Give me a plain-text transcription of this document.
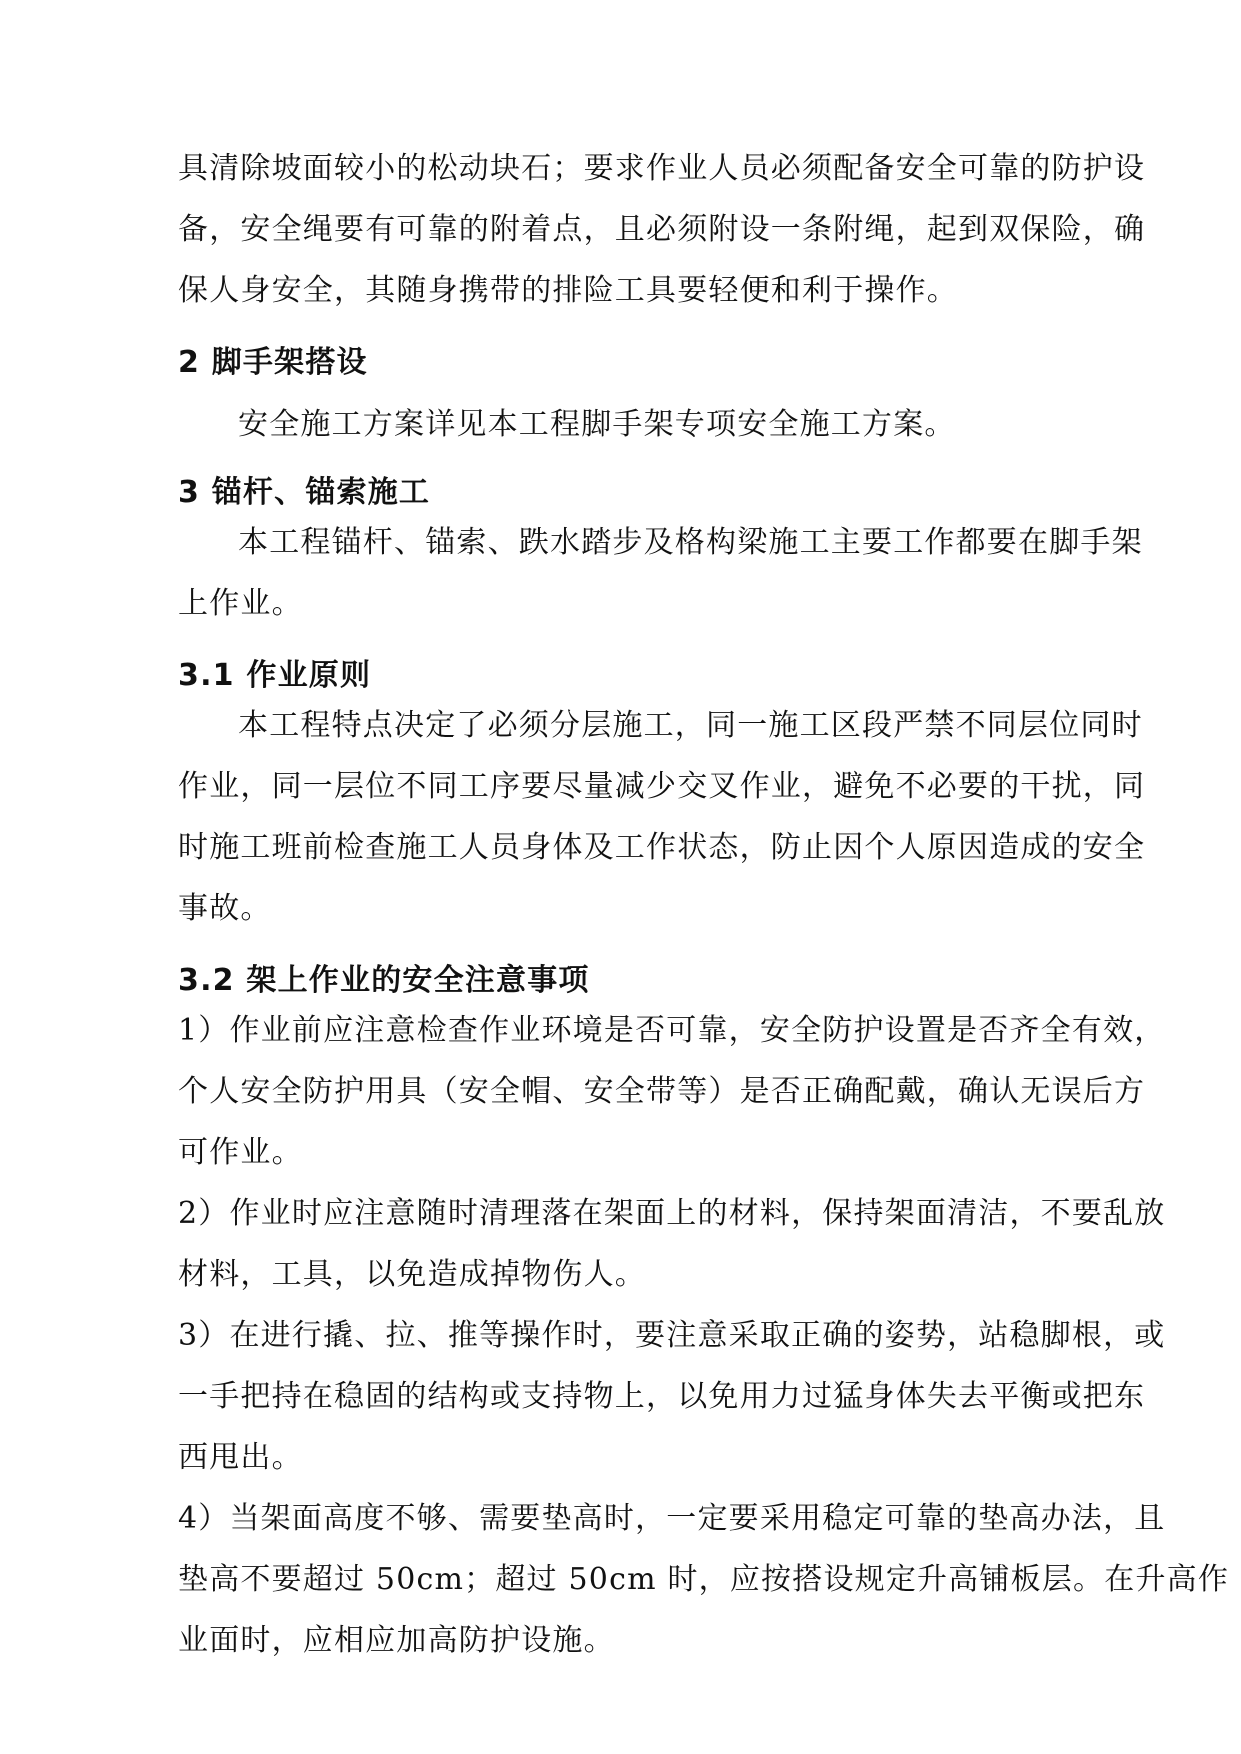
具清除坡面较小的松动块石；要求作业人员必须配备安全可靠的防护设
备，安全绳要有可靠的附着点，且必须附设一条附绳，起到双保险，确
保人身安全，其随身携带的排险工具要轻便和利于操作。
2 脚手架搭设
安全施工方案详见本工程脚手架专项安全施工方案。
3 锚杆、锚索施工
本工程锚杆、锚索、跌水踏步及格构梁施工主要工作都要在脚手架
上作业。
3.1 作业原则
本工程特点决定了必须分层施工，同一施工区段严禁不同层位同时
作业，同一层位不同工序要尽量减少交叉作业，避免不必要的干扰，同
时施工班前检查施工人员身体及工作状态，防止因个人原因造成的安全
事故。
3.2 架上作业的安全注意事项
1）作业前应注意检查作业环境是否可靠，安全防护设置是否齐全有效，
个人安全防护用具（安全帽、安全带等）是否正确配戴，确认无误后方
可作业。
2）作业时应注意随时清理落在架面上的材料，保持架面清洁，不要乱放
材料，工具，以免造成掉物伤人。
3）在进行撬、拉、推等操作时，要注意采取正确的姿势，站稳脚根，或
一手把持在稳固的结构或支持物上，以免用力过猛身体失去平衡或把东
西甩出。
4）当架面高度不够、需要垫高时，一定要采用稳定可靠的垫高办法，且
垫高不要超过 50cm；超过 50cm 时，应按搭设规定升高铺板层。在升高作
业面时，应相应加高防护设施。
